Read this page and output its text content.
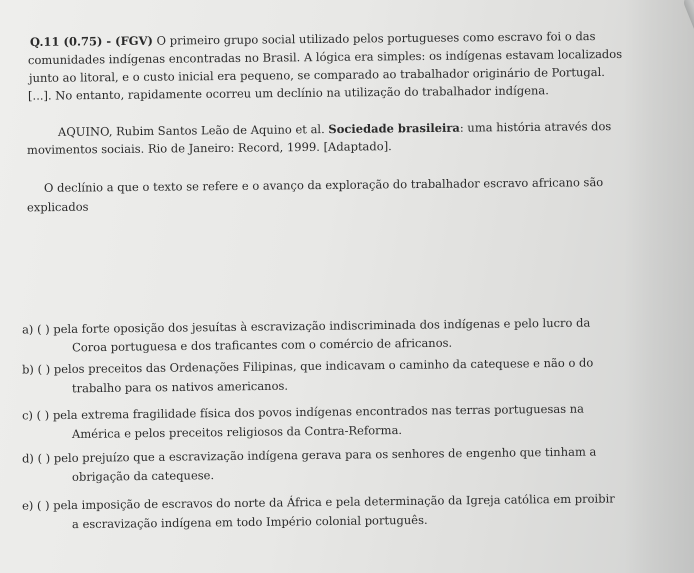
Q.11 (0.75) - (FGV) O primeiro grupo social utilizado pelos portugueses como escravo foi o das
comunidades indígenas encontradas no Brasil. A lógica era simples: os indígenas estavam localizados
junto ao litoral, e o custo inicial era pequeno, se comparado ao trabalhador originário de Portugal.
[...]. No entanto, rapidamente ocorreu um declínio na utilização do trabalhador indígena.
AQUINO, Rubim Santos Leão de Aquino et al. Sociedade brasileira: uma história através dos
movimentos sociais. Rio de Janeiro: Record, 1999. [Adaptado].
O declínio a que o texto se refere e o avanço da exploração do trabalhador escravo africano são
explicados
a) ( ) pela forte oposição dos jesuítas à escravização indiscriminada dos indígenas e pelo lucro da
Coroa portuguesa e dos traficantes com o comércio de africanos.
b) ( ) pelos preceitos das Ordenações Filipinas, que indicavam o caminho da catequese e não o do
trabalho para os nativos americanos.
c) ( ) pela extrema fragilidade física dos povos indígenas encontrados nas terras portuguesas na
América e pelos preceitos religiosos da Contra-Reforma.
d) ( ) pelo prejuízo que a escravização indígena gerava para os senhores de engenho que tinham a
obrigação da catequese.
e) ( ) pela imposição de escravos do norte da África e pela determinação da Igreja católica em proibir
a escravização indígena em todo Império colonial português.
